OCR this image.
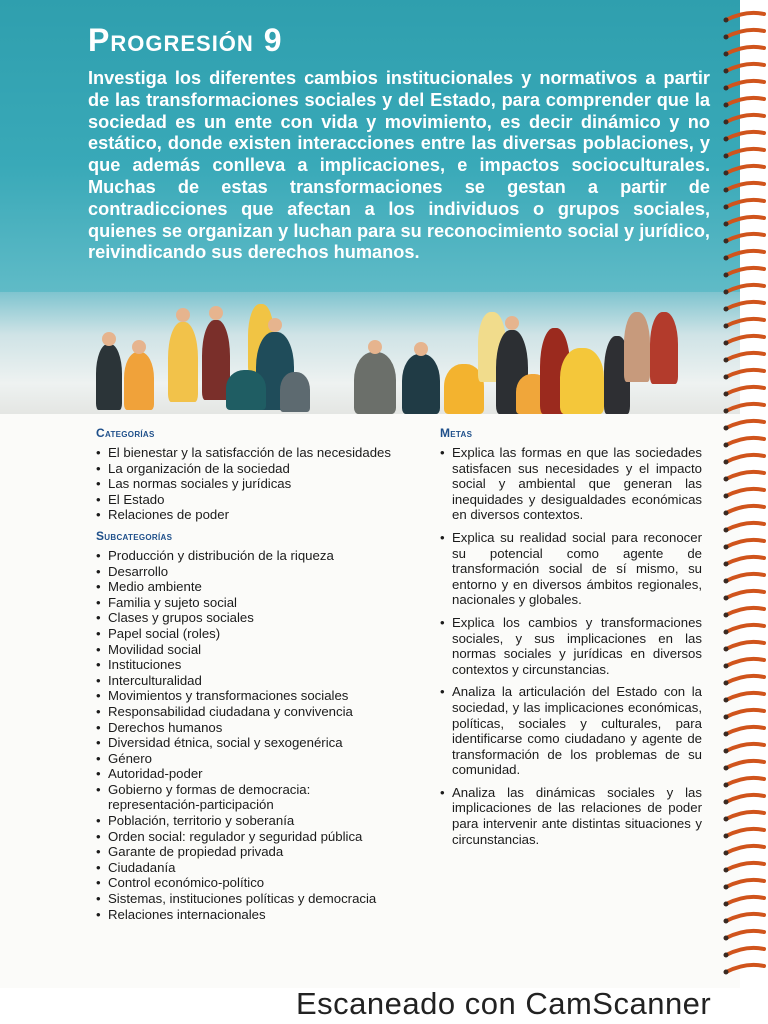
Progresión 9
Investiga los diferentes cambios institucionales y normativos a partir de las transformaciones sociales y del Estado, para comprender que la sociedad es un ente con vida y movimiento, es decir dinámico y no estático, donde existen interacciones entre las diversas poblaciones, y que además conlleva a implicaciones, e impactos socioculturales. Muchas de estas transformaciones se gestan a partir de contradicciones que afectan a los individuos o grupos sociales, quienes se organizan y luchan para su reconocimiento social y jurídico, reivindicando sus derechos humanos.
Categorías
• El bienestar y la satisfacción de las necesidades
• La organización de la sociedad
• Las normas sociales y jurídicas
• El Estado
• Relaciones de poder
Subcategorías
• Producción y distribución de la riqueza
• Desarrollo
• Medio ambiente
• Familia y sujeto social
• Clases y grupos sociales
• Papel social (roles)
• Movilidad social
• Instituciones
• Interculturalidad
• Movimientos y transformaciones sociales
• Responsabilidad ciudadana y convivencia
• Derechos humanos
• Diversidad étnica, social y sexogenérica
• Género
• Autoridad-poder
• Gobierno y formas de democracia: representación-participación
• Población, territorio y soberanía
• Orden social: regulador y seguridad pública
• Garante de propiedad privada
• Ciudadanía
• Control económico-político
• Sistemas, instituciones políticas y democracia
• Relaciones internacionales
Metas
• Explica las formas en que las sociedades satisfacen sus necesidades y el impacto social y ambiental que generan las inequidades y desigualdades económicas en diversos contextos.
• Explica su realidad social para reconocer su potencial como agente de transformación social de sí mismo, su entorno y en diversos ámbitos regionales, nacionales y globales.
• Explica los cambios y transformaciones sociales, y sus implicaciones en las normas sociales y jurídicas en diversos contextos y circunstancias.
• Analiza la articulación del Estado con la sociedad, y las implicaciones económicas, políticas, sociales y culturales, para identificarse como ciudadano y agente de transformación de los problemas de su comunidad.
• Analiza las dinámicas sociales y las implicaciones de las relaciones de poder para intervenir ante distintas situaciones y circunstancias.
Escaneado con CamScanner
